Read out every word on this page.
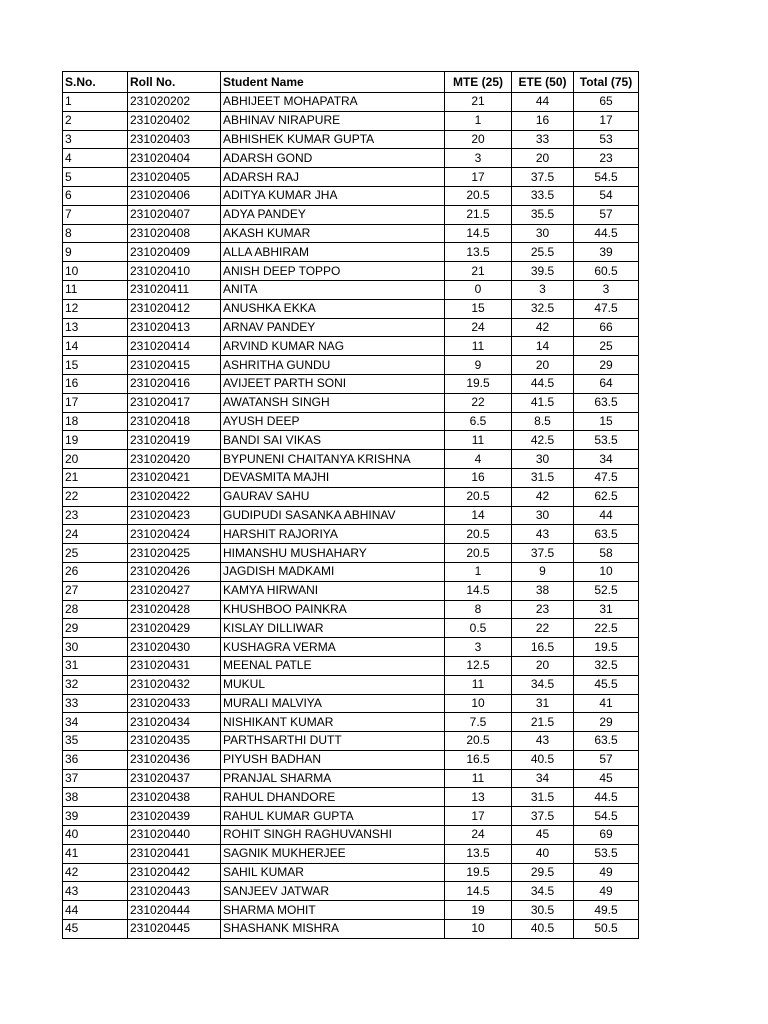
S.No.	Roll No.	Student Name	MTE (25)	ETE (50)	Total (75)
1	231020202	ABHIJEET MOHAPATRA	21	44	65
2	231020402	ABHINAV NIRAPURE	1	16	17
3	231020403	ABHISHEK KUMAR GUPTA	20	33	53
4	231020404	ADARSH GOND	3	20	23
5	231020405	ADARSH RAJ	17	37.5	54.5
6	231020406	ADITYA KUMAR JHA	20.5	33.5	54
7	231020407	ADYA PANDEY	21.5	35.5	57
8	231020408	AKASH KUMAR	14.5	30	44.5
9	231020409	ALLA ABHIRAM	13.5	25.5	39
10	231020410	ANISH DEEP TOPPO	21	39.5	60.5
11	231020411	ANITA	0	3	3
12	231020412	ANUSHKA EKKA	15	32.5	47.5
13	231020413	ARNAV PANDEY	24	42	66
14	231020414	ARVIND KUMAR NAG	11	14	25
15	231020415	ASHRITHA GUNDU	9	20	29
16	231020416	AVIJEET PARTH SONI	19.5	44.5	64
17	231020417	AWATANSH SINGH	22	41.5	63.5
18	231020418	AYUSH DEEP	6.5	8.5	15
19	231020419	BANDI SAI VIKAS	11	42.5	53.5
20	231020420	BYPUNENI CHAITANYA KRISHNA	4	30	34
21	231020421	DEVASMITA MAJHI	16	31.5	47.5
22	231020422	GAURAV SAHU	20.5	42	62.5
23	231020423	GUDIPUDI SASANKA ABHINAV	14	30	44
24	231020424	HARSHIT RAJORIYA	20.5	43	63.5
25	231020425	HIMANSHU MUSHAHARY	20.5	37.5	58
26	231020426	JAGDISH MADKAMI	1	9	10
27	231020427	KAMYA HIRWANI	14.5	38	52.5
28	231020428	KHUSHBOO PAINKRA	8	23	31
29	231020429	KISLAY DILLIWAR	0.5	22	22.5
30	231020430	KUSHAGRA VERMA	3	16.5	19.5
31	231020431	MEENAL PATLE	12.5	20	32.5
32	231020432	MUKUL	11	34.5	45.5
33	231020433	MURALI MALVIYA	10	31	41
34	231020434	NISHIKANT KUMAR	7.5	21.5	29
35	231020435	PARTHSARTHI DUTT	20.5	43	63.5
36	231020436	PIYUSH BADHAN	16.5	40.5	57
37	231020437	PRANJAL SHARMA	11	34	45
38	231020438	RAHUL DHANDORE	13	31.5	44.5
39	231020439	RAHUL KUMAR GUPTA	17	37.5	54.5
40	231020440	ROHIT SINGH RAGHUVANSHI	24	45	69
41	231020441	SAGNIK MUKHERJEE	13.5	40	53.5
42	231020442	SAHIL KUMAR	19.5	29.5	49
43	231020443	SANJEEV JATWAR	14.5	34.5	49
44	231020444	SHARMA MOHIT	19	30.5	49.5
45	231020445	SHASHANK MISHRA	10	40.5	50.5
